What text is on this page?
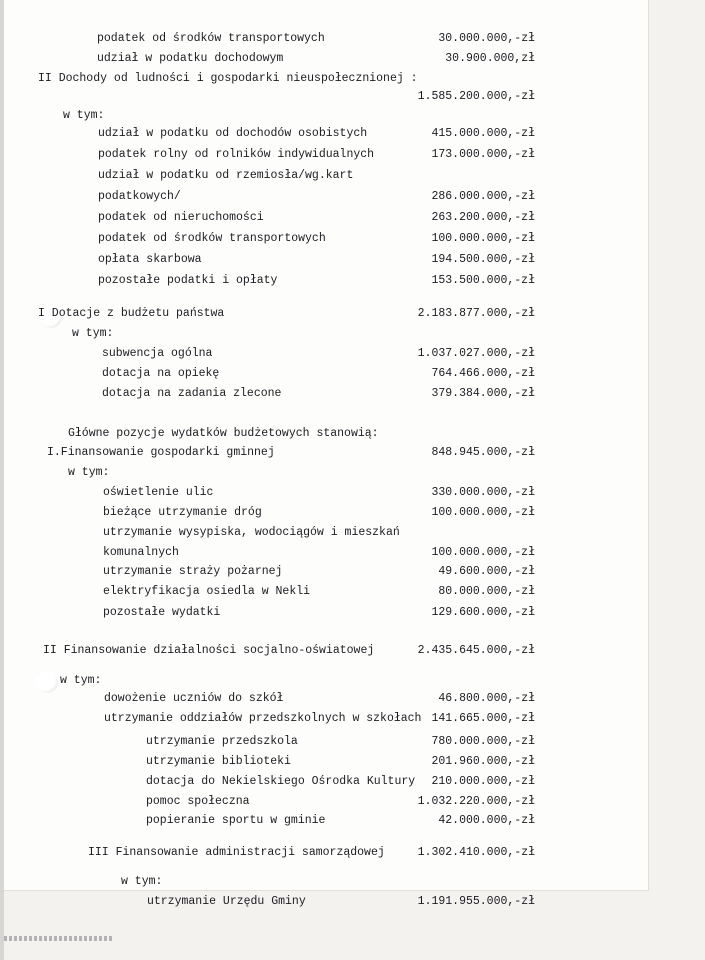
podatek od środków transportowych	30.000.000,-zł
udział w podatku dochodowym	30.900.000,zł
II Dochody od ludności i gospodarki nieuspołecznionej :
1.585.200.000,-zł
w tym:
udział w podatku od dochodów osobistych	415.000.000,-zł
podatek rolny od rolników indywidualnych	173.000.000,-zł
udział w podatku od rzemiosła/wg.kart
podatkowych/	286.000.000,-zł
podatek od nieruchomości	263.200.000,-zł
podatek od środków transportowych	100.000.000,-zł
opłata skarbowa	194.500.000,-zł
pozostałe podatki i opłaty	153.500.000,-zł
I Dotacje z budżetu państwa	2.183.877.000,-zł
w tym:
subwencja ogólna	1.037.027.000,-zł
dotacja na opiekę	764.466.000,-zł
dotacja na zadania zlecone	379.384.000,-zł
Główne pozycje wydatków budżetowych stanowią:
I.Finansowanie gospodarki gminnej	848.945.000,-zł
w tym:
oświetlenie ulic	330.000.000,-zł
bieżące utrzymanie dróg	100.000.000,-zł
utrzymanie wysypiska, wodociągów i mieszkań
komunalnych	100.000.000,-zł
utrzymanie straży pożarnej	49.600.000,-zł
elektryfikacja osiedla w Nekli	80.000.000,-zł
pozostałe wydatki	129.600.000,-zł
II Finansowanie działalności socjalno-oświatowej	2.435.645.000,-zł
w tym:
dowożenie uczniów do szkół	46.800.000,-zł
utrzymanie oddziałów przedszkolnych w szkołach 141.665.000,-zł
utrzymanie przedszkola	780.000.000,-zł
utrzymanie biblioteki	201.960.000,-zł
dotacja do Nekielskiego Ośrodka Kultury 210.000.000,-zł
pomoc społeczna	1.032.220.000,-zł
popieranie sportu w gminie	42.000.000,-zł
III Finansowanie administracji samorządowej	1.302.410.000,-zł
w tym:
utrzymanie Urzędu Gminy	1.191.955.000,-zł
